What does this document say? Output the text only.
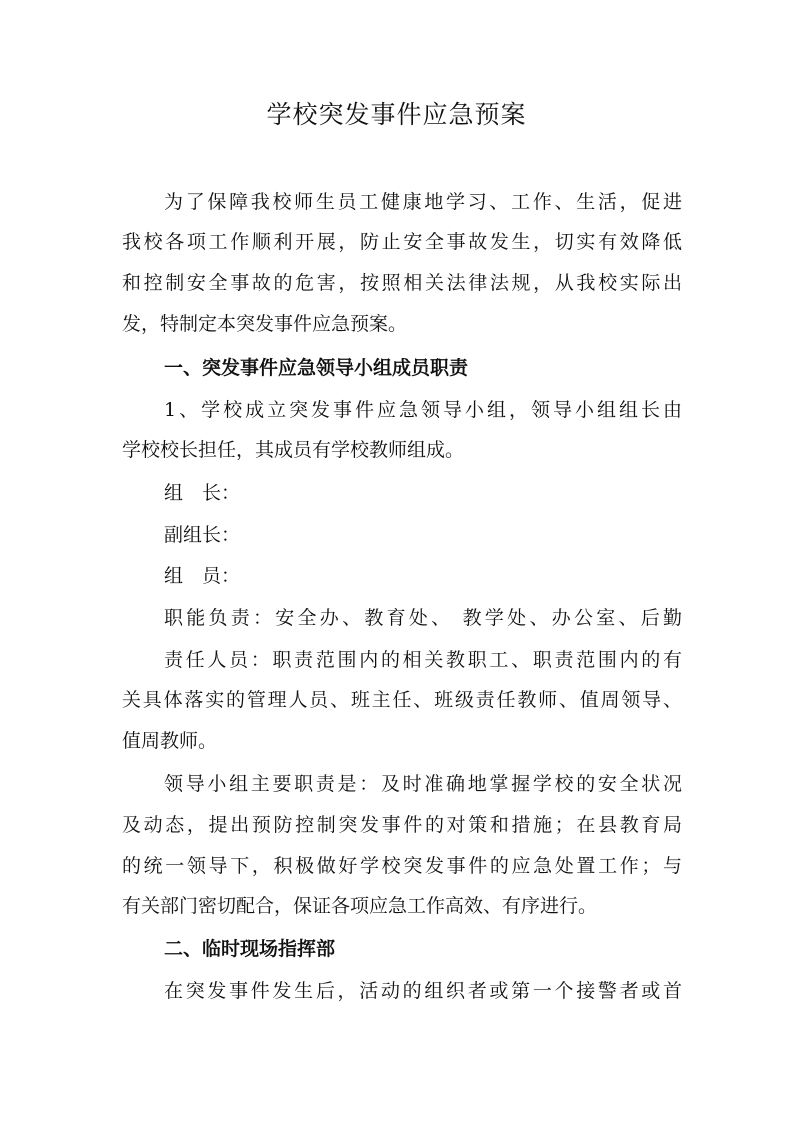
学校突发事件应急预案
为了保障我校师生员工健康地学习、工作、生活，促进
我校各项工作顺利开展，防止安全事故发生，切实有效降低
和控制安全事故的危害，按照相关法律法规，从我校实际出
发，特制定本突发事件应急预案。
一、突发事件应急领导小组成员职责
1、学校成立突发事件应急领导小组，领导小组组长由
学校校长担任，其成员有学校教师组成。
组　长：
副组长：
组　员：
职能负责：安全办、教育处、 教学处、办公室、后勤
责任人员：职责范围内的相关教职工、职责范围内的有
关具体落实的管理人员、班主任、班级责任教师、值周领导、
值周教师。
领导小组主要职责是：及时准确地掌握学校的安全状况
及动态，提出预防控制突发事件的对策和措施；在县教育局
的统一领导下，积极做好学校突发事件的应急处置工作；与
有关部门密切配合，保证各项应急工作高效、有序进行。
二、临时现场指挥部
在突发事件发生后，活动的组织者或第一个接警者或首
